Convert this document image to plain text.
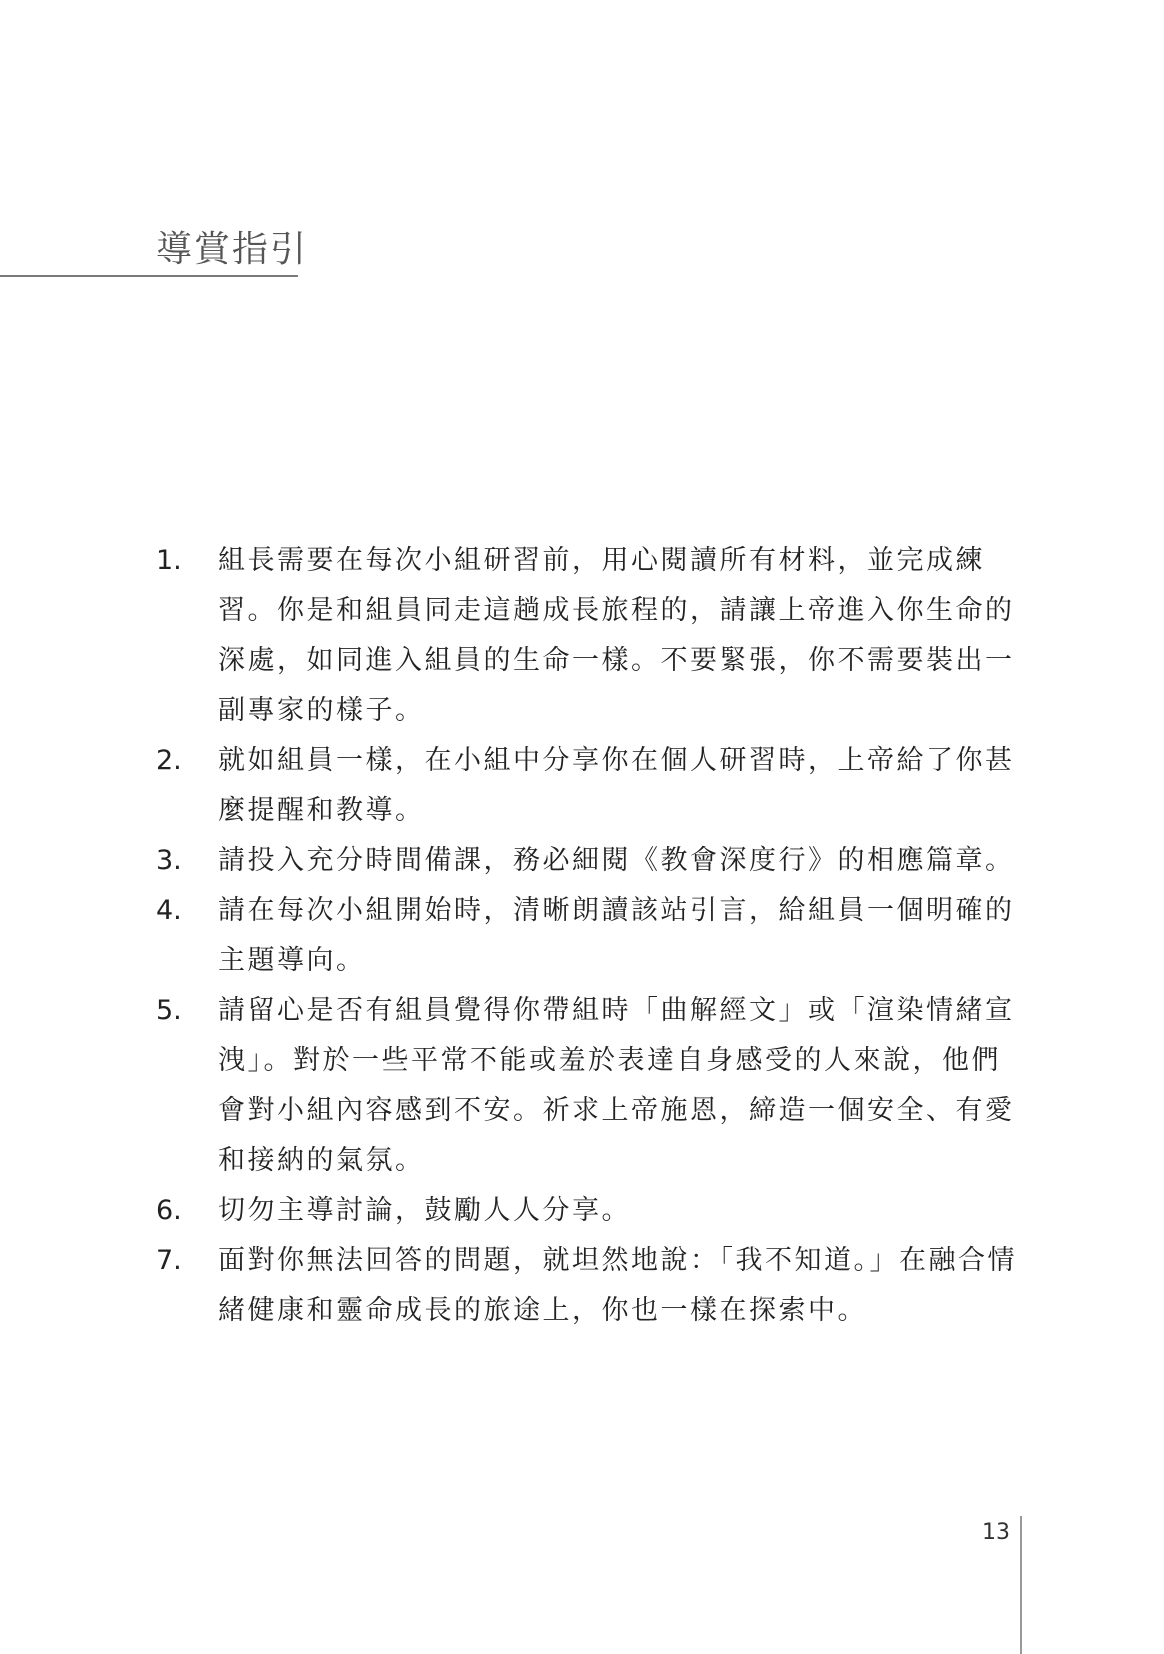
導賞指引
1. 組長需要在每次小組研習前，用心閱讀所有材料，並完成練習。你是和組員同走這趟成長旅程的，請讓上帝進入你生命的深處，如同進入組員的生命一樣。不要緊張，你不需要裝出一副專家的樣子。
2. 就如組員一樣，在小組中分享你在個人研習時，上帝給了你甚麼提醒和教導。
3. 請投入充分時間備課，務必細閱《教會深度行》的相應篇章。
4. 請在每次小組開始時，清晰朗讀該站引言，給組員一個明確的主題導向。
5. 請留心是否有組員覺得你帶組時「曲解經文」或「渲染情緒宣洩」。對於一些平常不能或羞於表達自身感受的人來說，他們會對小組內容感到不安。祈求上帝施恩，締造一個安全、有愛和接納的氣氛。
6. 切勿主導討論，鼓勵人人分享。
7. 面對你無法回答的問題，就坦然地說：「我不知道。」在融合情緒健康和靈命成長的旅途上，你也一樣在探索中。
13
